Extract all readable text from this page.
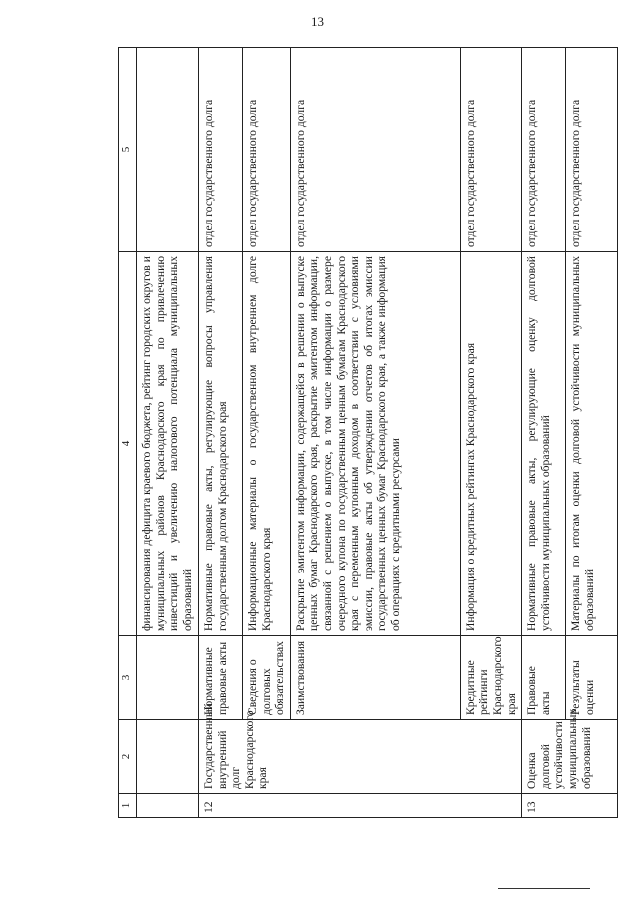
13
1	2	3	4	5
			финансирования дефицита краевого бюджета, рейтинг городских округов и муниципальных районов Краснодарского края по привлечению инвестиций и увеличению налогового потенциала муниципальных образований	
12	Государственный внутренний долг Краснодарского края	Нормативные правовые акты	Нормативные правовые акты, регулирующие вопросы управления государственным долгом Краснодарского края	отдел государственного долга
		Сведения о долговых обязательствах	Информационные материалы о государственном внутреннем долге Краснодарского края	отдел государственного долга
		Заимствования	Раскрытие эмитентом информации, содержащейся в решении о выпуске ценных бумаг Краснодарского края, раскрытие эмитентом информации, связанной с решением о выпуске, в том числе информации о размере очередного купона по государственным ценным бумагам Краснодарского края с переменным купонным доходом в соответствии с условиями эмиссии, правовые акты об утверждении отчетов об итогах эмиссии государственных ценных бумаг Краснодарского края, а также информация об операциях с кредитными ресурсами	отдел государственного долга
		Кредитные рейтинги Краснодарского края	Информация о кредитных рейтингах Краснодарского края	отдел государственного долга
13	Оценка долговой устойчивости муниципальных образований	Правовые акты	Нормативные правовые акты, регулирующие оценку долговой устойчивости муниципальных образований	отдел государственного долга
		Результаты оценки	Материалы по итогам оценки долговой устойчивости муниципальных образований	отдел государственного долга
